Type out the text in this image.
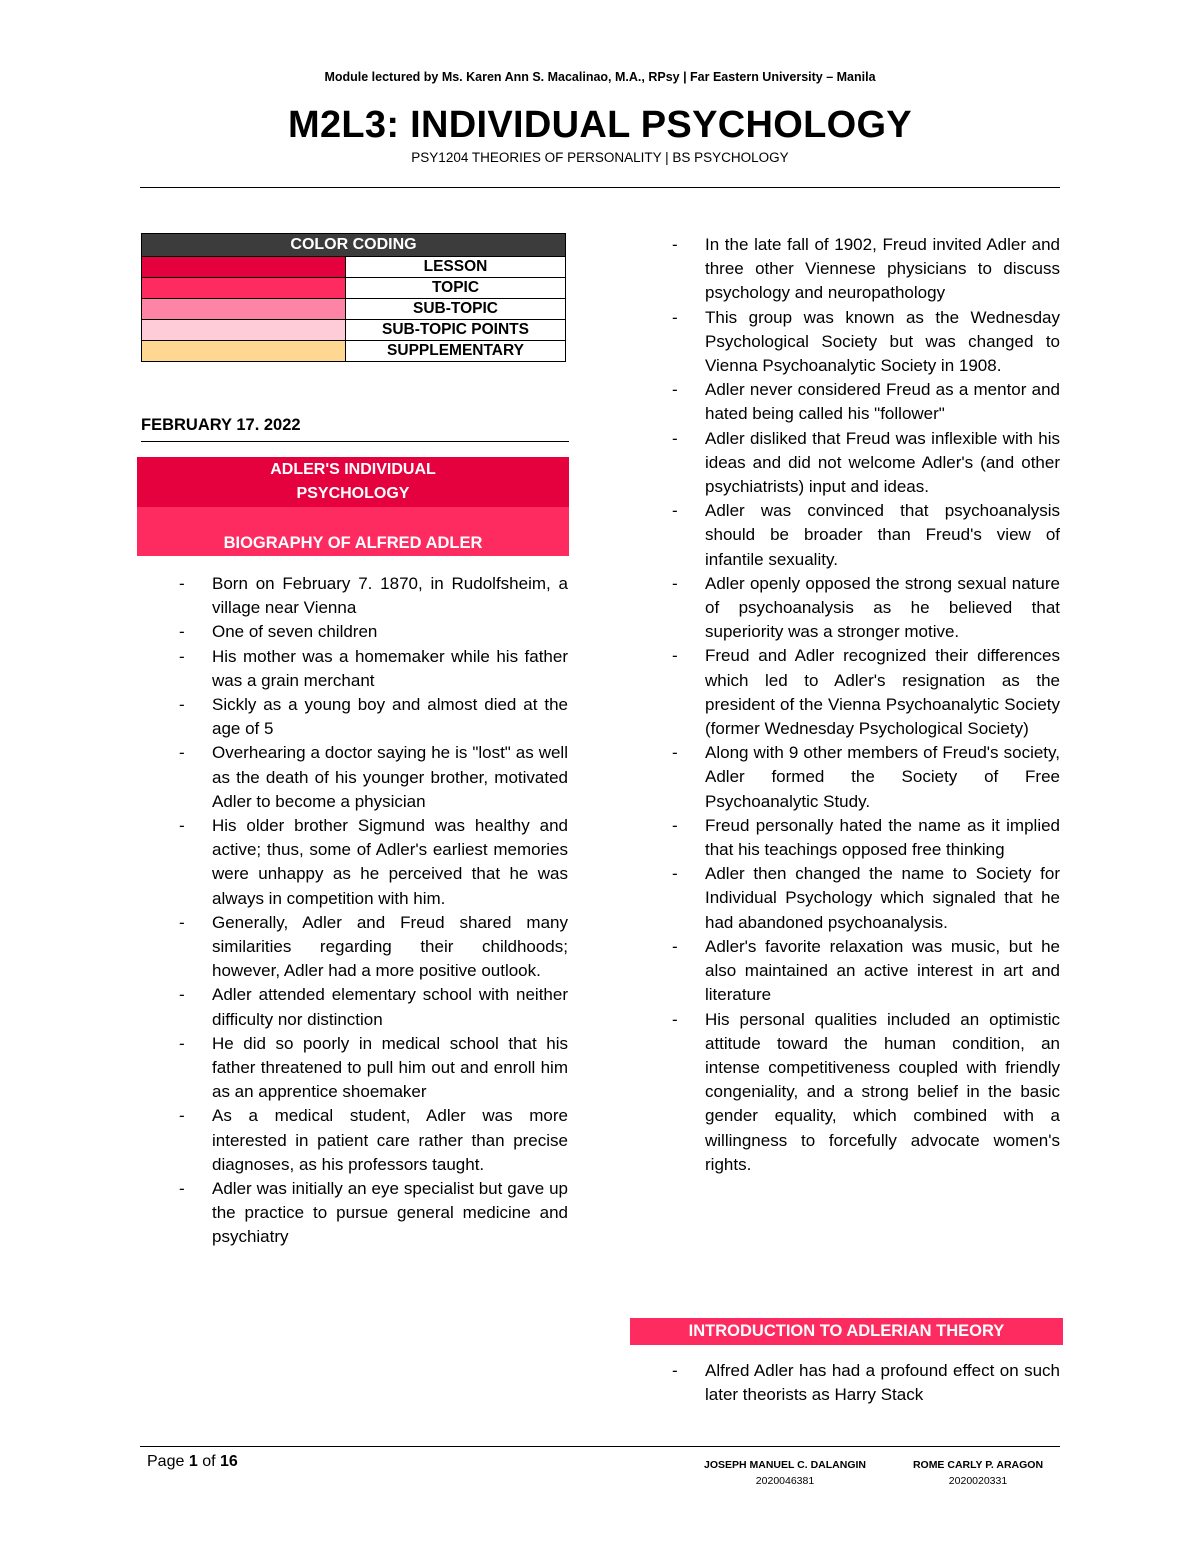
Module lectured by Ms. Karen Ann S. Macalinao, M.A., RPsy | Far Eastern University – Manila
M2L3: INDIVIDUAL PSYCHOLOGY
PSY1204 THEORIES OF PERSONALITY | BS PSYCHOLOGY
COLOR CODING	
	LESSON
	TOPIC
	SUB-TOPIC
	SUB-TOPIC POINTS
	SUPPLEMENTARY
FEBRUARY 17. 2022
ADLER'S INDIVIDUAL
PSYCHOLOGY
BIOGRAPHY OF ALFRED ADLER
- Born on February 7. 1870, in Rudolfsheim, a village near Vienna
- One of seven children
- His mother was a homemaker while his father was a grain merchant
- Sickly as a young boy and almost died at the age of 5
- Overhearing a doctor saying he is "lost" as well as the death of his younger brother, motivated Adler to become a physician
- His older brother Sigmund was healthy and active; thus, some of Adler's earliest memories were unhappy as he perceived that he was always in competition with him.
- Generally, Adler and Freud shared many similarities regarding their childhoods; however, Adler had a more positive outlook.
- Adler attended elementary school with neither difficulty nor distinction
- He did so poorly in medical school that his father threatened to pull him out and enroll him as an apprentice shoemaker
- As a medical student, Adler was more interested in patient care rather than precise diagnoses, as his professors taught.
- Adler was initially an eye specialist but gave up the practice to pursue general medicine and psychiatry
- In the late fall of 1902, Freud invited Adler and three other Viennese physicians to discuss psychology and neuropathology
- This group was known as the Wednesday Psychological Society but was changed to Vienna Psychoanalytic Society in 1908.
- Adler never considered Freud as a mentor and hated being called his "follower"
- Adler disliked that Freud was inflexible with his ideas and did not welcome Adler's (and other psychiatrists) input and ideas.
- Adler was convinced that psychoanalysis should be broader than Freud's view of infantile sexuality.
- Adler openly opposed the strong sexual nature of psychoanalysis as he believed that superiority was a stronger motive.
- Freud and Adler recognized their differences which led to Adler's resignation as the president of the Vienna Psychoanalytic Society (former Wednesday Psychological Society)
- Along with 9 other members of Freud's society, Adler formed the Society of Free Psychoanalytic Study.
- Freud personally hated the name as it implied that his teachings opposed free thinking
- Adler then changed the name to Society for Individual Psychology which signaled that he had abandoned psychoanalysis.
- Adler's favorite relaxation was music, but he also maintained an active interest in art and literature
- His personal qualities included an optimistic attitude toward the human condition, an intense competitiveness coupled with friendly congeniality, and a strong belief in the basic gender equality, which combined with a willingness to forcefully advocate women's rights.
INTRODUCTION TO ADLERIAN THEORY
- Alfred Adler has had a profound effect on such later theorists as Harry Stack
Page 1 of 16	JOSEPH MANUEL C. DALANGIN
2020046381
ROME CARLY P. ARAGON
2020020331
